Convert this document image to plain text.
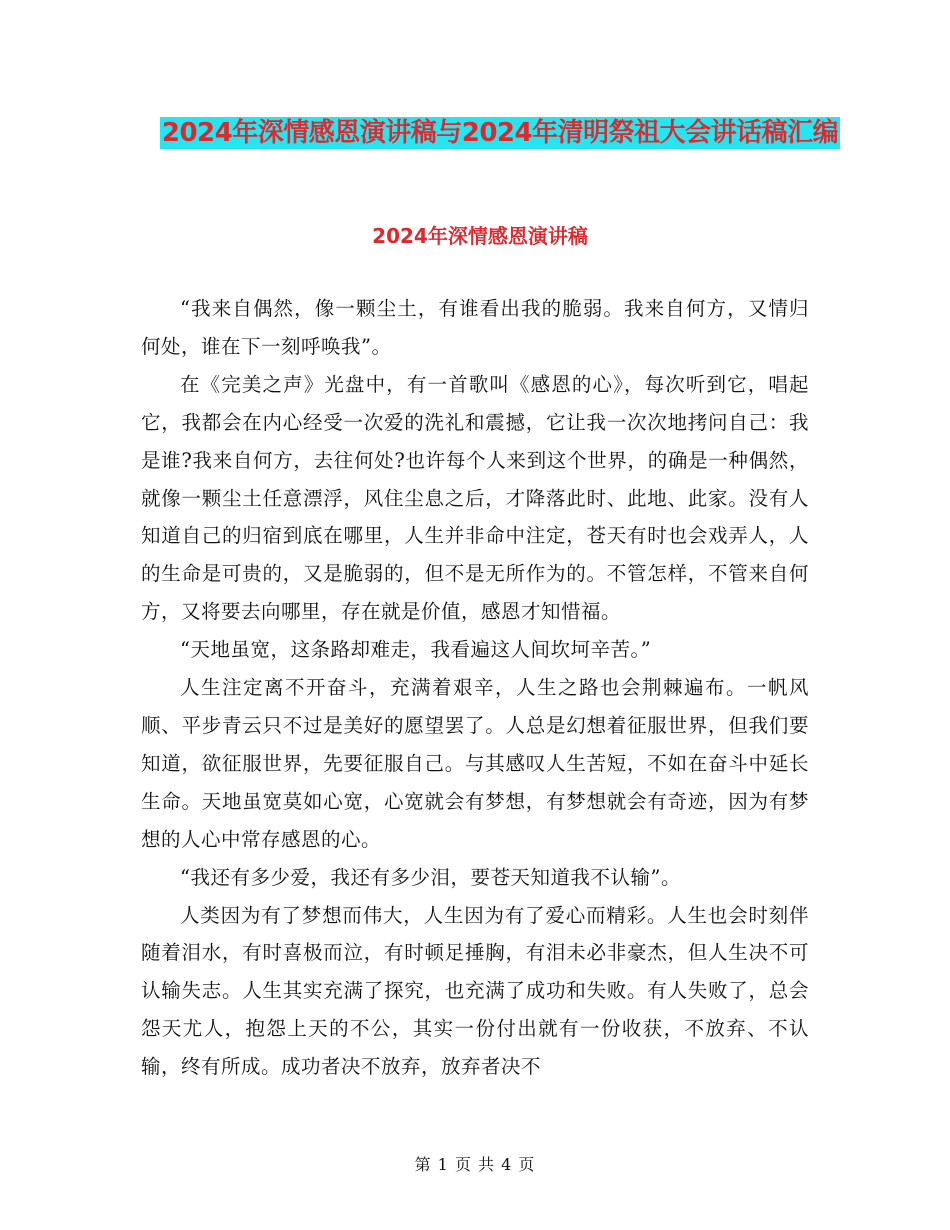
2024年深情感恩演讲稿与2024年清明祭祖大会讲话稿汇编
2024年深情感恩演讲稿

“我来自偶然，像一颗尘土，有谁看出我的脆弱。我来自何方，又情归何处，谁在下一刻呼唤我”。

在《完美之声》光盘中，有一首歌叫《感恩的心》，每次听到它，唱起它，我都会在内心经受一次爱的洗礼和震撼，它让我一次次地拷问自己：我是谁?我来自何方，去往何处?也许每个人来到这个世界，的确是一种偶然，就像一颗尘土任意漂浮，风住尘息之后，才降落此时、此地、此家。没有人知道自己的归宿到底在哪里，人生并非命中注定，苍天有时也会戏弄人，人的生命是可贵的，又是脆弱的，但不是无所作为的。不管怎样，不管来自何方，又将要去向哪里，存在就是价值，感恩才知惜福。

“天地虽宽，这条路却难走，我看遍这人间坎坷辛苦。”

人生注定离不开奋斗，充满着艰辛，人生之路也会荆棘遍布。一帆风顺、平步青云只不过是美好的愿望罢了。人总是幻想着征服世界，但我们要知道，欲征服世界，先要征服自己。与其感叹人生苦短，不如在奋斗中延长生命。天地虽宽莫如心宽，心宽就会有梦想，有梦想就会有奇迹，因为有梦想的人心中常存感恩的心。

“我还有多少爱，我还有多少泪，要苍天知道我不认输”。

人类因为有了梦想而伟大，人生因为有了爱心而精彩。人生也会时刻伴随着泪水，有时喜极而泣，有时顿足捶胸，有泪未必非豪杰，但人生决不可认输失志。人生其实充满了探究，也充满了成功和失败。有人失败了，总会怨天尤人，抱怨上天的不公，其实一份付出就有一份收获，不放弃、不认输，终有所成。成功者决不放弃，放弃者决不

第 1 页 共 4 页
